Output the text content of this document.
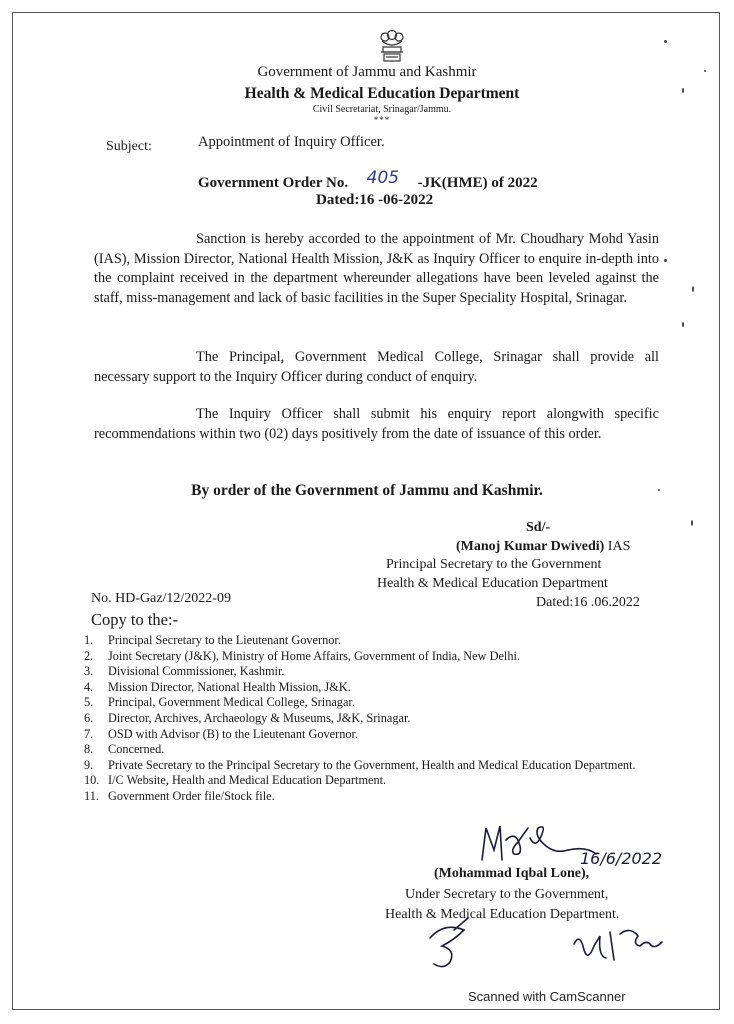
Government of Jammu and Kashmir
Health & Medical Education Department
Civil Secretariat, Srinagar/Jammu.
***
Subject:	Appointment of Inquiry Officer.
Government Order No. 405 -JK(HME) of 2022
Dated:16 -06-2022
Sanction is hereby accorded to the appointment of Mr. Choudhary Mohd Yasin (IAS), Mission Director, National Health Mission, J&K as Inquiry Officer to enquire in-depth into the complaint received in the department whereunder allegations have been leveled against the staff, miss-management and lack of basic facilities in the Super Speciality Hospital, Srinagar.
The Principal, Government Medical College, Srinagar shall provide all necessary support to the Inquiry Officer during conduct of enquiry.
The Inquiry Officer shall submit his enquiry report alongwith specific recommendations within two (02) days positively from the date of issuance of this order.
By order of the Government of Jammu and Kashmir.
Sd/-
(Manoj Kumar Dwivedi) IAS
Principal Secretary to the Government
Health & Medical Education Department
Dated:16 .06.2022
No. HD-Gaz/12/2022-09
Copy to the:-
1. Principal Secretary to the Lieutenant Governor.
2. Joint Secretary (J&K), Ministry of Home Affairs, Government of India, New Delhi.
3. Divisional Commissioner, Kashmir.
4. Mission Director, National Health Mission, J&K.
5. Principal, Government Medical College, Srinagar.
6. Director, Archives, Archaeology & Museums, J&K, Srinagar.
7. OSD with Advisor (B) to the Lieutenant Governor.
8. Concerned.
9. Private Secretary to the Principal Secretary to the Government, Health and Medical Education Department.
10. I/C Website, Health and Medical Education Department.
11. Government Order file/Stock file.
16/6/2022
(Mohammad Iqbal Lone),
Under Secretary to the Government,
Health & Medical Education Department.
Scanned with CamScanner
